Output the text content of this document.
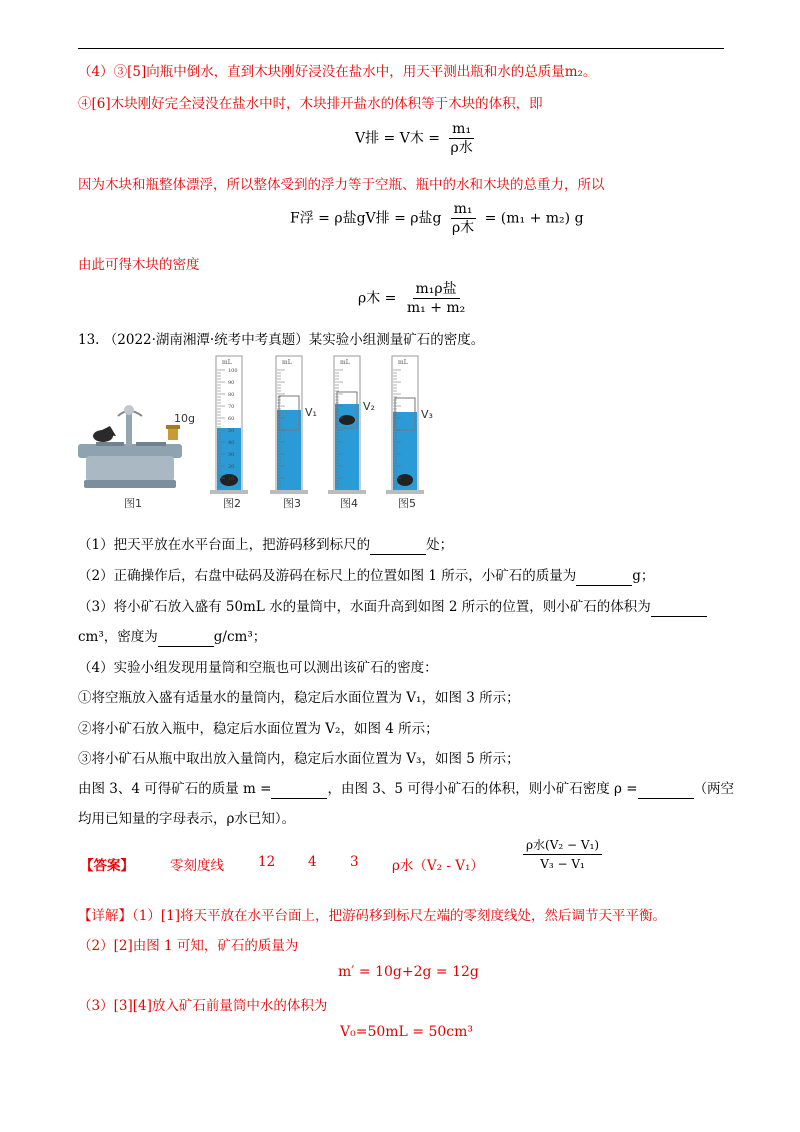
（4）③[5]向瓶中倒水，直到木块刚好浸没在盐水中，用天平测出瓶和水的总质量m₂。
④[6]木块刚好完全浸没在盐水中时，木块排开盐水的体积等于木块的体积，即
V排 = V木 = $\frac{\text{m₁}}{\text{ρ水}}$
因为木块和瓶整体漂浮，所以整体受到的浮力等于空瓶、瓶中的水和木块的总重力，所以
F浮 = ρ盐gV排 = ρ盐g $\frac{\text{m₁}}{\text{ρ木}} = (m_1 + m_2)$ g
由此可得木块的密度
ρ木 = $\frac{\text{m₁ρ盐}}{\text{m₁ + m₂}}$
13. （2022·湖南湘潭·统考中考真题）某实验小组测量矿石的密度。
10g
图1	图2
V₁
图3
V₂
图4
V₃
图5
mL	mL	mL	mL
100
90
80
70
60
50
40
30
20
10
（1）把天平放在水平台面上，把游码移到标尺的	处；
（2）正确操作后，右盘中砝码及游码在标尺上的位置如图 1 所示，小矿石的质量为	g；
（3）将小矿石放入盛有 50mL 水的量筒中，水面升高到如图 2 所示的位置，则小矿石的体积为
cm³，密度为	g/cm³；
（4）实验小组发现用量筒和空瓶也可以测出该矿石的密度：
①将空瓶放入盛有适量水的量筒内，稳定后水面位置为 V₁，如图 3 所示；
②将小矿石放入瓶中，稳定后水面位置为 V₂，如图 4 所示；
③将小矿石从瓶中取出放入量筒内，稳定后水面位置为 V₃，如图 5 所示；
由图 3、4 可得矿石的质量 m =	，由图 3、5 可得小矿石的体积，则小矿石密度 ρ =	（两空
均用已知量的字母表示，ρ水已知）。
【答案】	零刻度线	12 4 3 ρ水（V₂ - V₁）	$\frac{\text{ρ水(V₂ − V₁)}}{\text{V₃ − V₁}}$
【详解】（1）[1]将天平放在水平台面上，把游码移到标尺左端的零刻度线处，然后调节天平平衡。
（2）[2]由图 1 可知，矿石的质量为
m′ = 10g+2g = 12g
（3）[3][4]放入矿石前量筒中水的体积为
V₀=50mL = 50cm³
